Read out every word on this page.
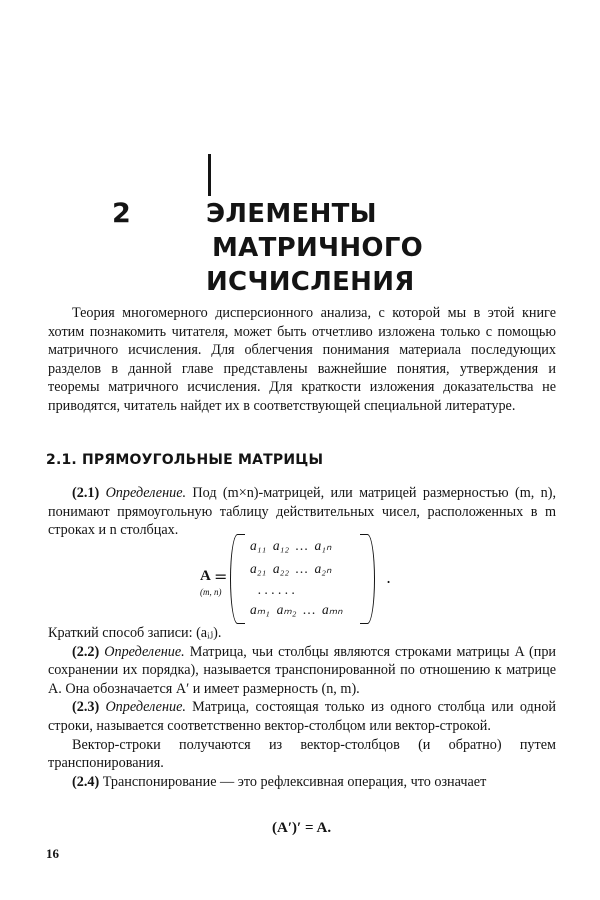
2	ЭЛЕМЕНТЫ
МАТРИЧНОГО
ИСЧИСЛЕНИЯ

Теория многомерного дисперсионного анализа, с которой мы в этой книге хотим познакомить читателя, может быть отчетливо изложена только с помощью матричного исчисления. Для облегчения понимания материала последующих разделов в данной главе представлены важнейшие понятия, утверждения и теоремы матричного исчисления. Для краткости изложения доказательства не приводятся, читатель найдет их в соответствующей специальной литературе.

2.1. ПРЯМОУГОЛЬНЫЕ МАТРИЦЫ

(2.1) Определение. Под (m×n)-матрицей, или матрицей размерностью (m, n), понимают прямоугольную таблицу действительных чисел, расположенных в m строках и n столбцах.

A
(m, n)
=
a₁₁  a₁₂  …  a₁ₙ
a₂₁  a₂₂  …  a₂ₙ
. . . . . .
aₘ₁  aₘ₂  …  aₘₙ
.

Краткий способ записи: (aᵢⱼ).

(2.2) Определение. Матрица, чьи столбцы являются строками матрицы A (при сохранении их порядка), называется транспонированной по отношению к матрице A. Она обозначается A′ и имеет размерность (n, m).

(2.3) Определение. Матрица, состоящая только из одного столбца или одной строки, называется соответственно вектор-столбцом или вектор-строкой.

Вектор-строки получаются из вектор-столбцов (и обратно) путем транспонирования.

(2.4) Транспонирование — это рефлексивная операция, что означает

(A′)′ = A.
16
